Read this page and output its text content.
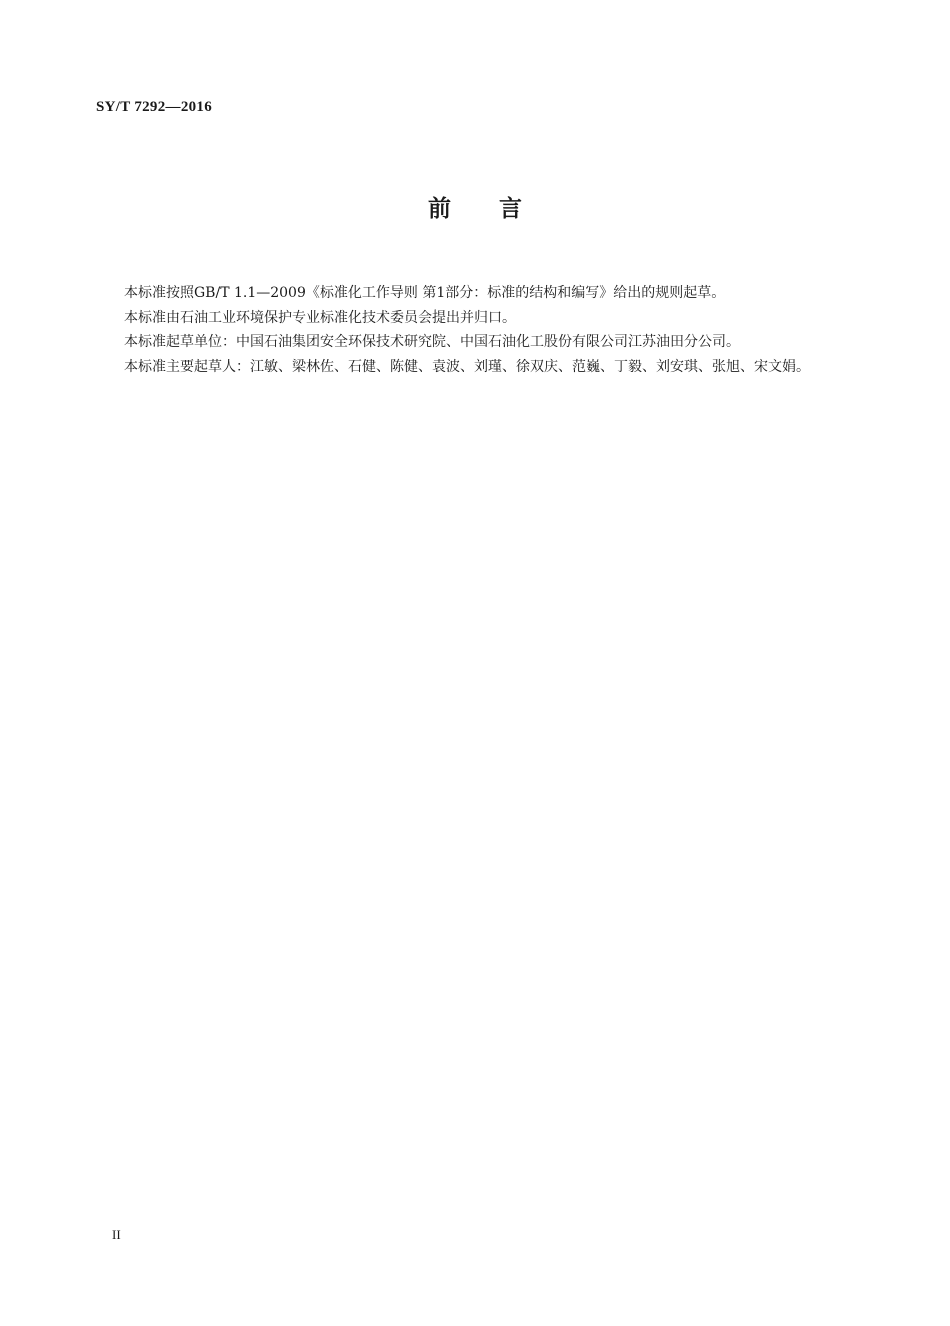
SY/T 7292—2016
前言

本标准按照GB/T 1.1—2009《标准化工作导则 第1部分：标准的结构和编写》给出的规则起草。

本标准由石油工业环境保护专业标准化技术委员会提出并归口。

本标准起草单位：中国石油集团安全环保技术研究院、中国石油化工股份有限公司江苏油田分公司。

本标准主要起草人：江敏、梁林佐、石健、陈健、袁波、刘瑾、徐双庆、范巍、丁毅、刘安琪、张旭、宋文娟。

II
